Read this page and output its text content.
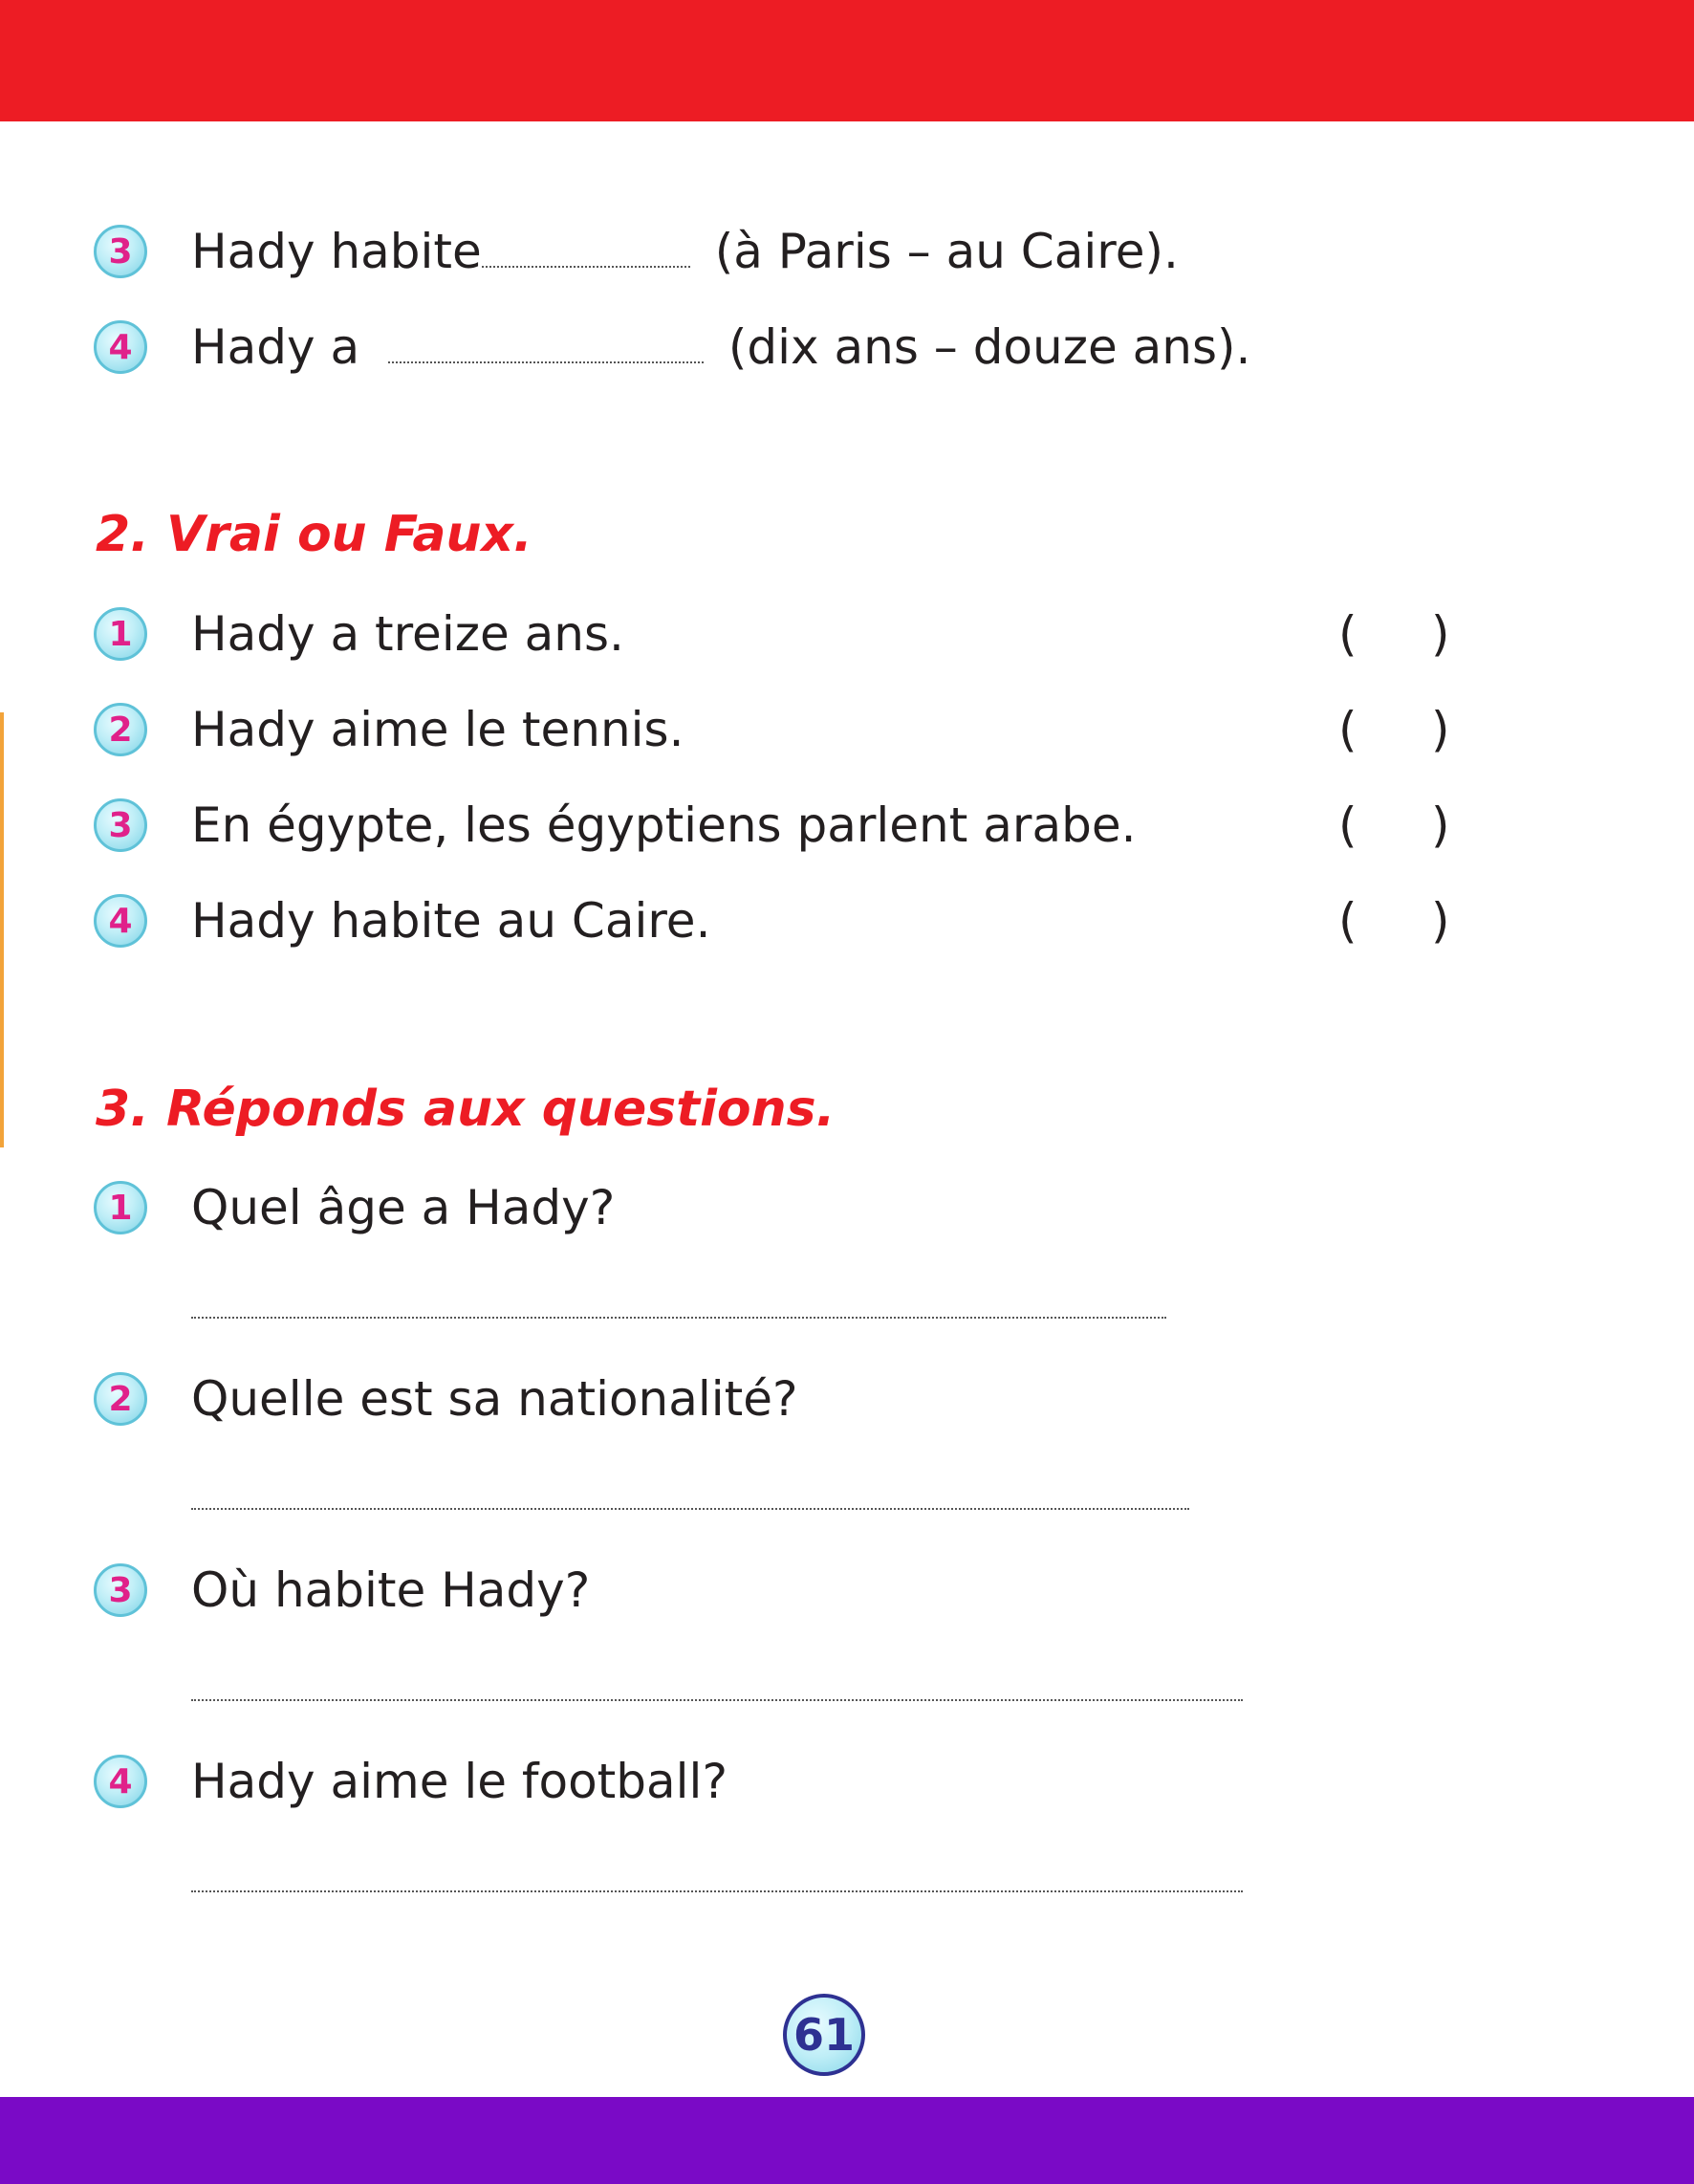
3	Hady habite	(à Paris – au Caire).
4	Hady a	(dix ans – douze ans).
2. Vrai ou Faux.
1	Hady a treize ans.	( )
2	Hady aime le tennis.	( )
3	En égypte, les égyptiens parlent arabe.	( )
4	Hady habite au Caire.	( )
3. Réponds aux questions.
1	Quel âge a Hady?
2	Quelle est sa nationalité?
3	Où habite Hady?
4	Hady aime le football?
61
